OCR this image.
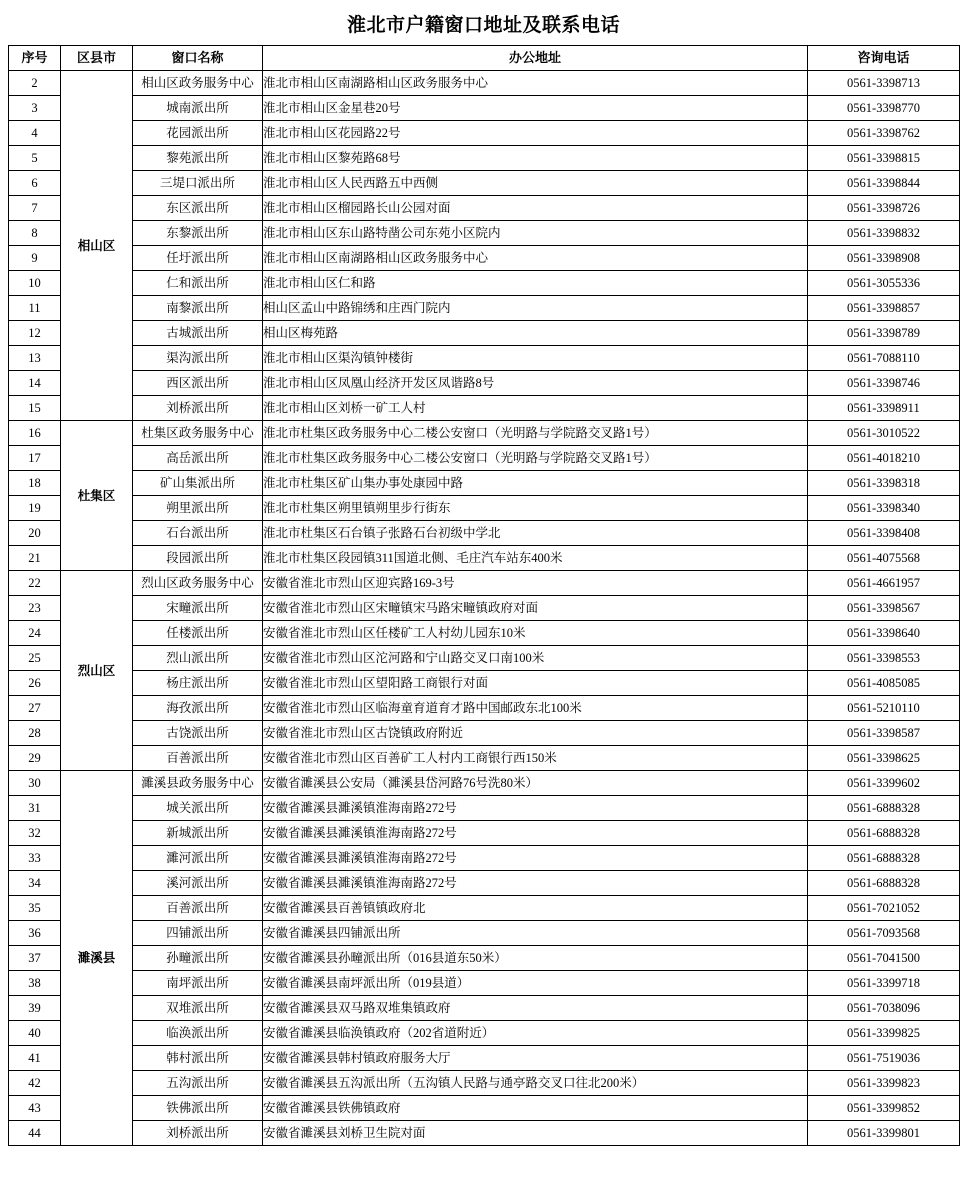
淮北市户籍窗口地址及联系电话
序号	区县市	窗口名称	办公地址	咨询电话
2	相山区	相山区政务服务中心	淮北市相山区南湖路相山区政务服务中心	0561-3398713
3		城南派出所	淮北市相山区金星巷20号	0561-3398770
4		花园派出所	淮北市相山区花园路22号	0561-3398762
5		黎苑派出所	淮北市相山区黎苑路68号	0561-3398815
6		三堤口派出所	淮北市相山区人民西路五中西侧	0561-3398844
7		东区派出所	淮北市相山区榴园路长山公园对面	0561-3398726
8		东黎派出所	淮北市相山区东山路特凿公司东苑小区院内	0561-3398832
9		任圩派出所	淮北市相山区南湖路相山区政务服务中心	0561-3398908
10		仁和派出所	淮北市相山区仁和路	0561-3055336
11		南黎派出所	相山区孟山中路锦绣和庄西门院内	0561-3398857
12		古城派出所	相山区梅苑路	0561-3398789
13		渠沟派出所	淮北市相山区渠沟镇钟楼街	0561-7088110
14		西区派出所	淮北市相山区凤凰山经济开发区凤谐路8号	0561-3398746
15		刘桥派出所	淮北市相山区刘桥一矿工人村	0561-3398911
16	杜集区	杜集区政务服务中心	淮北市杜集区政务服务中心二楼公安窗口（光明路与学院路交叉路1号）	0561-3010522
17		高岳派出所	淮北市杜集区政务服务中心二楼公安窗口（光明路与学院路交叉路1号）	0561-4018210
18		矿山集派出所	淮北市杜集区矿山集办事处康园中路	0561-3398318
19		朔里派出所	淮北市杜集区朔里镇朔里步行街东	0561-3398340
20		石台派出所	淮北市杜集区石台镇子张路石台初级中学北	0561-3398408
21		段园派出所	淮北市杜集区段园镇311国道北侧、毛庄汽车站东400米	0561-4075568
22	烈山区	烈山区政务服务中心	安徽省淮北市烈山区迎宾路169-3号	0561-4661957
23		宋疃派出所	安徽省淮北市烈山区宋疃镇宋马路宋疃镇政府对面	0561-3398567
24		任楼派出所	安徽省淮北市烈山区任楼矿工人村幼儿园东10米	0561-3398640
25		烈山派出所	安徽省淮北市烈山区沱河路和宁山路交叉口南100米	0561-3398553
26		杨庄派出所	安徽省淮北市烈山区望阳路工商银行对面	0561-4085085
27		海孜派出所	安徽省淮北市烈山区临海童育道育才路中国邮政东北100米	0561-5210110
28		古饶派出所	安徽省淮北市烈山区古饶镇政府附近	0561-3398587
29		百善派出所	安徽省淮北市烈山区百善矿工人村内工商银行西150米	0561-3398625
30	濉溪县	濉溪县政务服务中心	安徽省濉溪县公安局（濉溪县岱河路76号洗80米）	0561-3399602
31		城关派出所	安徽省濉溪县濉溪镇淮海南路272号	0561-6888328
32		新城派出所	安徽省濉溪县濉溪镇淮海南路272号	0561-6888328
33		濉河派出所	安徽省濉溪县濉溪镇淮海南路272号	0561-6888328
34		溪河派出所	安徽省濉溪县濉溪镇淮海南路272号	0561-6888328
35		百善派出所	安徽省濉溪县百善镇镇政府北	0561-7021052
36		四铺派出所	安徽省濉溪县四铺派出所	0561-7093568
37		孙疃派出所	安徽省濉溪县孙疃派出所（016县道东50米）	0561-7041500
38		南坪派出所	安徽省濉溪县南坪派出所（019县道）	0561-3399718
39		双堆派出所	安徽省濉溪县双马路双堆集镇政府	0561-7038096
40		临涣派出所	安徽省濉溪县临涣镇政府（202省道附近）	0561-3399825
41		韩村派出所	安徽省濉溪县韩村镇政府服务大厅	0561-7519036
42		五沟派出所	安徽省濉溪县五沟派出所（五沟镇人民路与通亭路交叉口往北200米）	0561-3399823
43		铁佛派出所	安徽省濉溪县铁佛镇政府	0561-3399852
44		刘桥派出所	安徽省濉溪县刘桥卫生院对面	0561-3399801
